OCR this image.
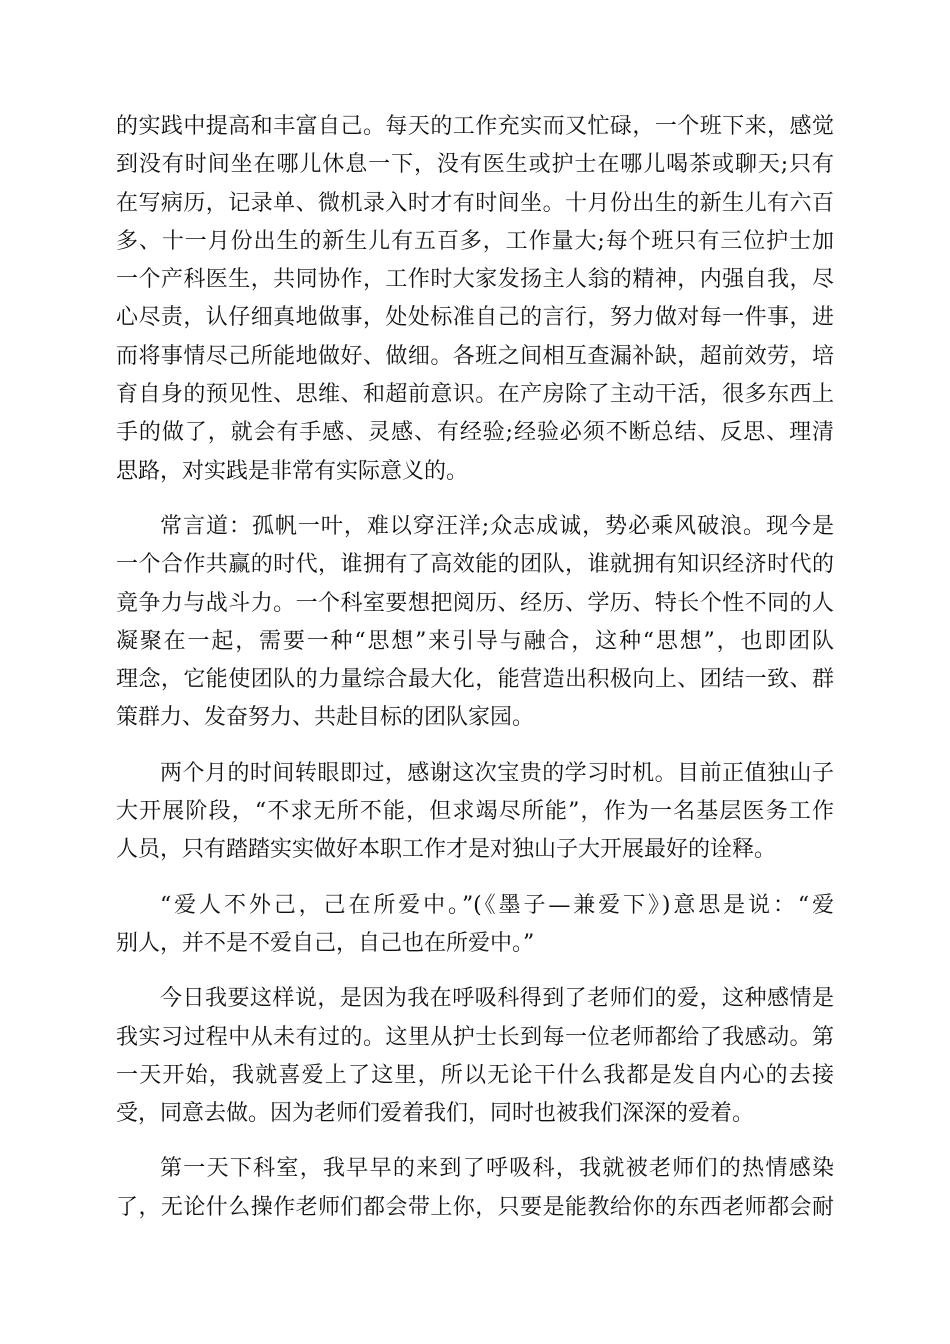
的实践中提高和丰富自己。每天的工作充实而又忙碌，一个班下来，感觉
到没有时间坐在哪儿休息一下，没有医生或护士在哪儿喝茶或聊天;只有
在写病历，记录单、微机录入时才有时间坐。十月份出生的新生儿有六百
多、十一月份出生的新生儿有五百多，工作量大;每个班只有三位护士加
一个产科医生，共同协作，工作时大家发扬主人翁的精神，内强自我，尽
心尽责，认仔细真地做事，处处标准自己的言行，努力做对每一件事，进
而将事情尽己所能地做好、做细。各班之间相互查漏补缺，超前效劳，培
育自身的预见性、思维、和超前意识。在产房除了主动干活，很多东西上
手的做了，就会有手感、灵感、有经验;经验必须不断总结、反思、理清
思路，对实践是非常有实际意义的。
常言道：孤帆一叶，难以穿汪洋;众志成诚，势必乘风破浪。现今是
一个合作共赢的时代，谁拥有了高效能的团队，谁就拥有知识经济时代的
竟争力与战斗力。一个科室要想把阅历、经历、学历、特长个性不同的人
凝聚在一起，需要一种“思想”来引导与融合，这种“思想”，也即团队
理念，它能使团队的力量综合最大化，能营造出积极向上、团结一致、群
策群力、发奋努力、共赴目标的团队家园。
两个月的时间转眼即过，感谢这次宝贵的学习时机。目前正值独山子
大开展阶段，“不求无所不能，但求竭尽所能”，作为一名基层医务工作
人员，只有踏踏实实做好本职工作才是对独山子大开展最好的诠释。
“爱人不外己，己在所爱中。”(《墨子—兼爱下》)意思是说：“爱
别人，并不是不爱自己，自己也在所爱中。”
今日我要这样说，是因为我在呼吸科得到了老师们的爱，这种感情是
我实习过程中从未有过的。这里从护士长到每一位老师都给了我感动。第
一天开始，我就喜爱上了这里，所以无论干什么我都是发自内心的去接
受，同意去做。因为老师们爱着我们，同时也被我们深深的爱着。
第一天下科室，我早早的来到了呼吸科，我就被老师们的热情感染
了，无论什么操作老师们都会带上你，只要是能教给你的东西老师都会耐
